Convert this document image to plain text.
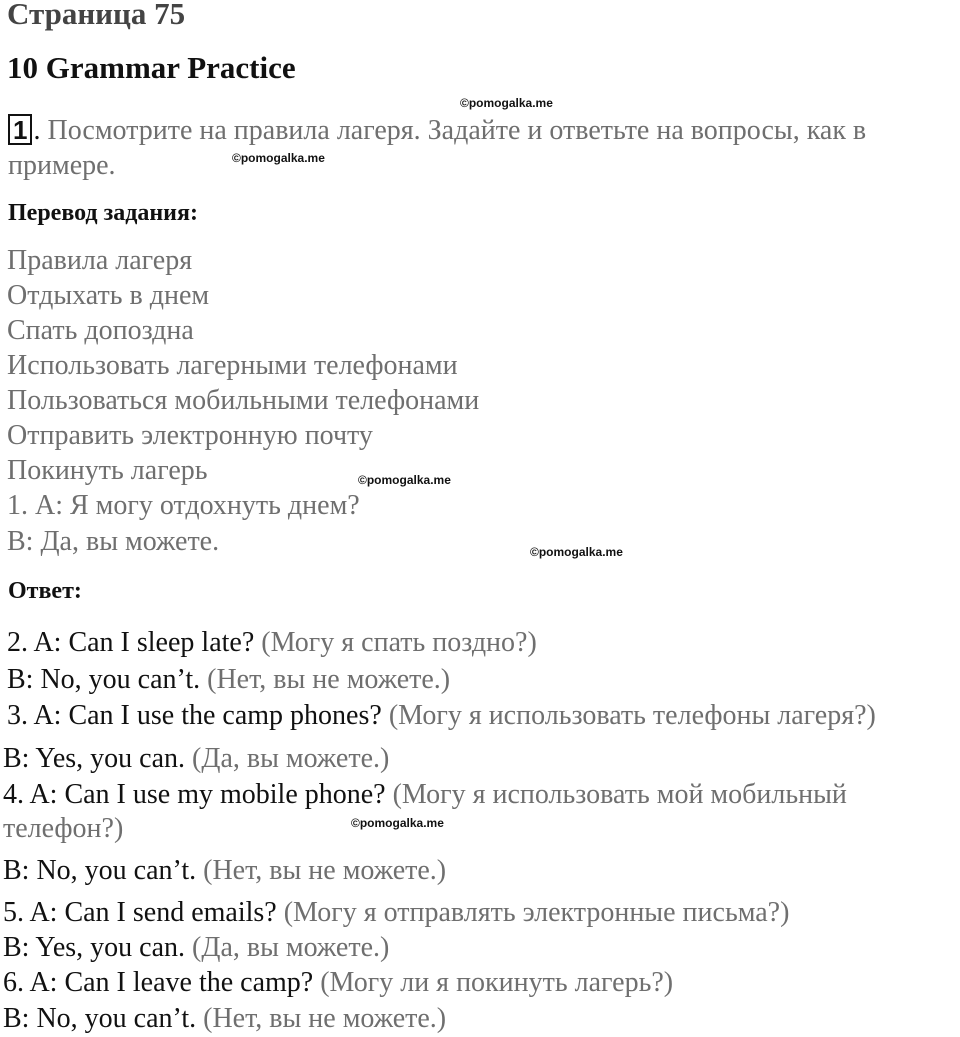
Страница 75
10 Grammar Practice
1 . Посмотрите на правила лагеря. Задайте и ответьте на вопросы, как в
примере.
Перевод задания:
Правила лагеря
Отдыхать в днем
Спать допоздна
Использовать лагерными телефонами
Пользоваться мобильными телефонами
Отправить электронную почту
Покинуть лагерь
1. А: Я могу отдохнуть днем?
В: Да, вы можете.
Ответ:
2. A: Can I sleep late? (Могу я спать поздно?)
B: No, you can’t. (Нет, вы не можете.)
3. A: Can I use the camp phones? (Могу я использовать телефоны лагеря?)
B: Yes, you can. (Да, вы можете.)
4. A: Can I use my mobile phone? (Могу я использовать мой мобильный
телефон?)
B: No, you can’t. (Нет, вы не можете.)
5. A: Can I send emails? (Могу я отправлять электронные письма?)
B: Yes, you can. (Да, вы можете.)
6. A: Can I leave the camp? (Могу ли я покинуть лагерь?)
B: No, you can’t. (Нет, вы не можете.)
©pomogalka.me
©pomogalka.me
©pomogalka.me
©pomogalka.me
©pomogalka.me
